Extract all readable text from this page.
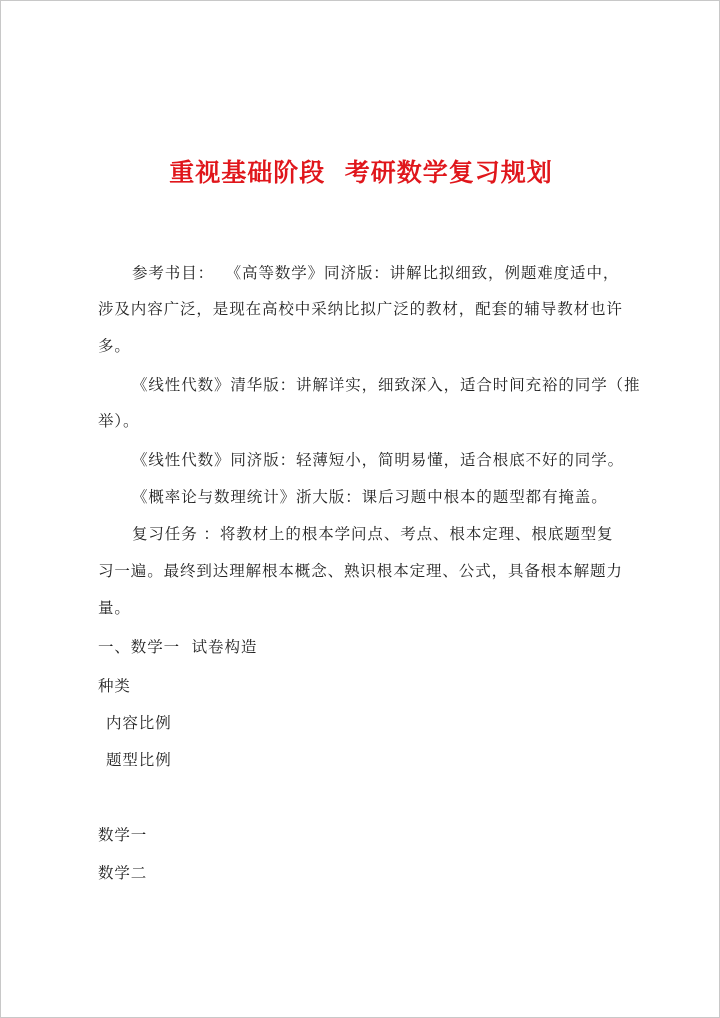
重视基础阶段  考研数学复习规划
参考书目：  《高等数学》同济版：讲解比拟细致，例题难度适中，
涉及内容广泛，是现在高校中采纳比拟广泛的教材，配套的辅导教材也许
多。
《线性代数》清华版：讲解详实，细致深入，适合时间充裕的同学（推
举）。
《线性代数》同济版：轻薄短小，简明易懂，适合根底不好的同学。
《概率论与数理统计》浙大版：课后习题中根本的题型都有掩盖。
复习任务 ：将教材上的根本学问点、考点、根本定理、根底题型复
习一遍。最终到达理解根本概念、熟识根本定理、公式，具备根本解题力
量。
一、数学一  试卷构造
种类
内容比例
题型比例
数学一
数学二
